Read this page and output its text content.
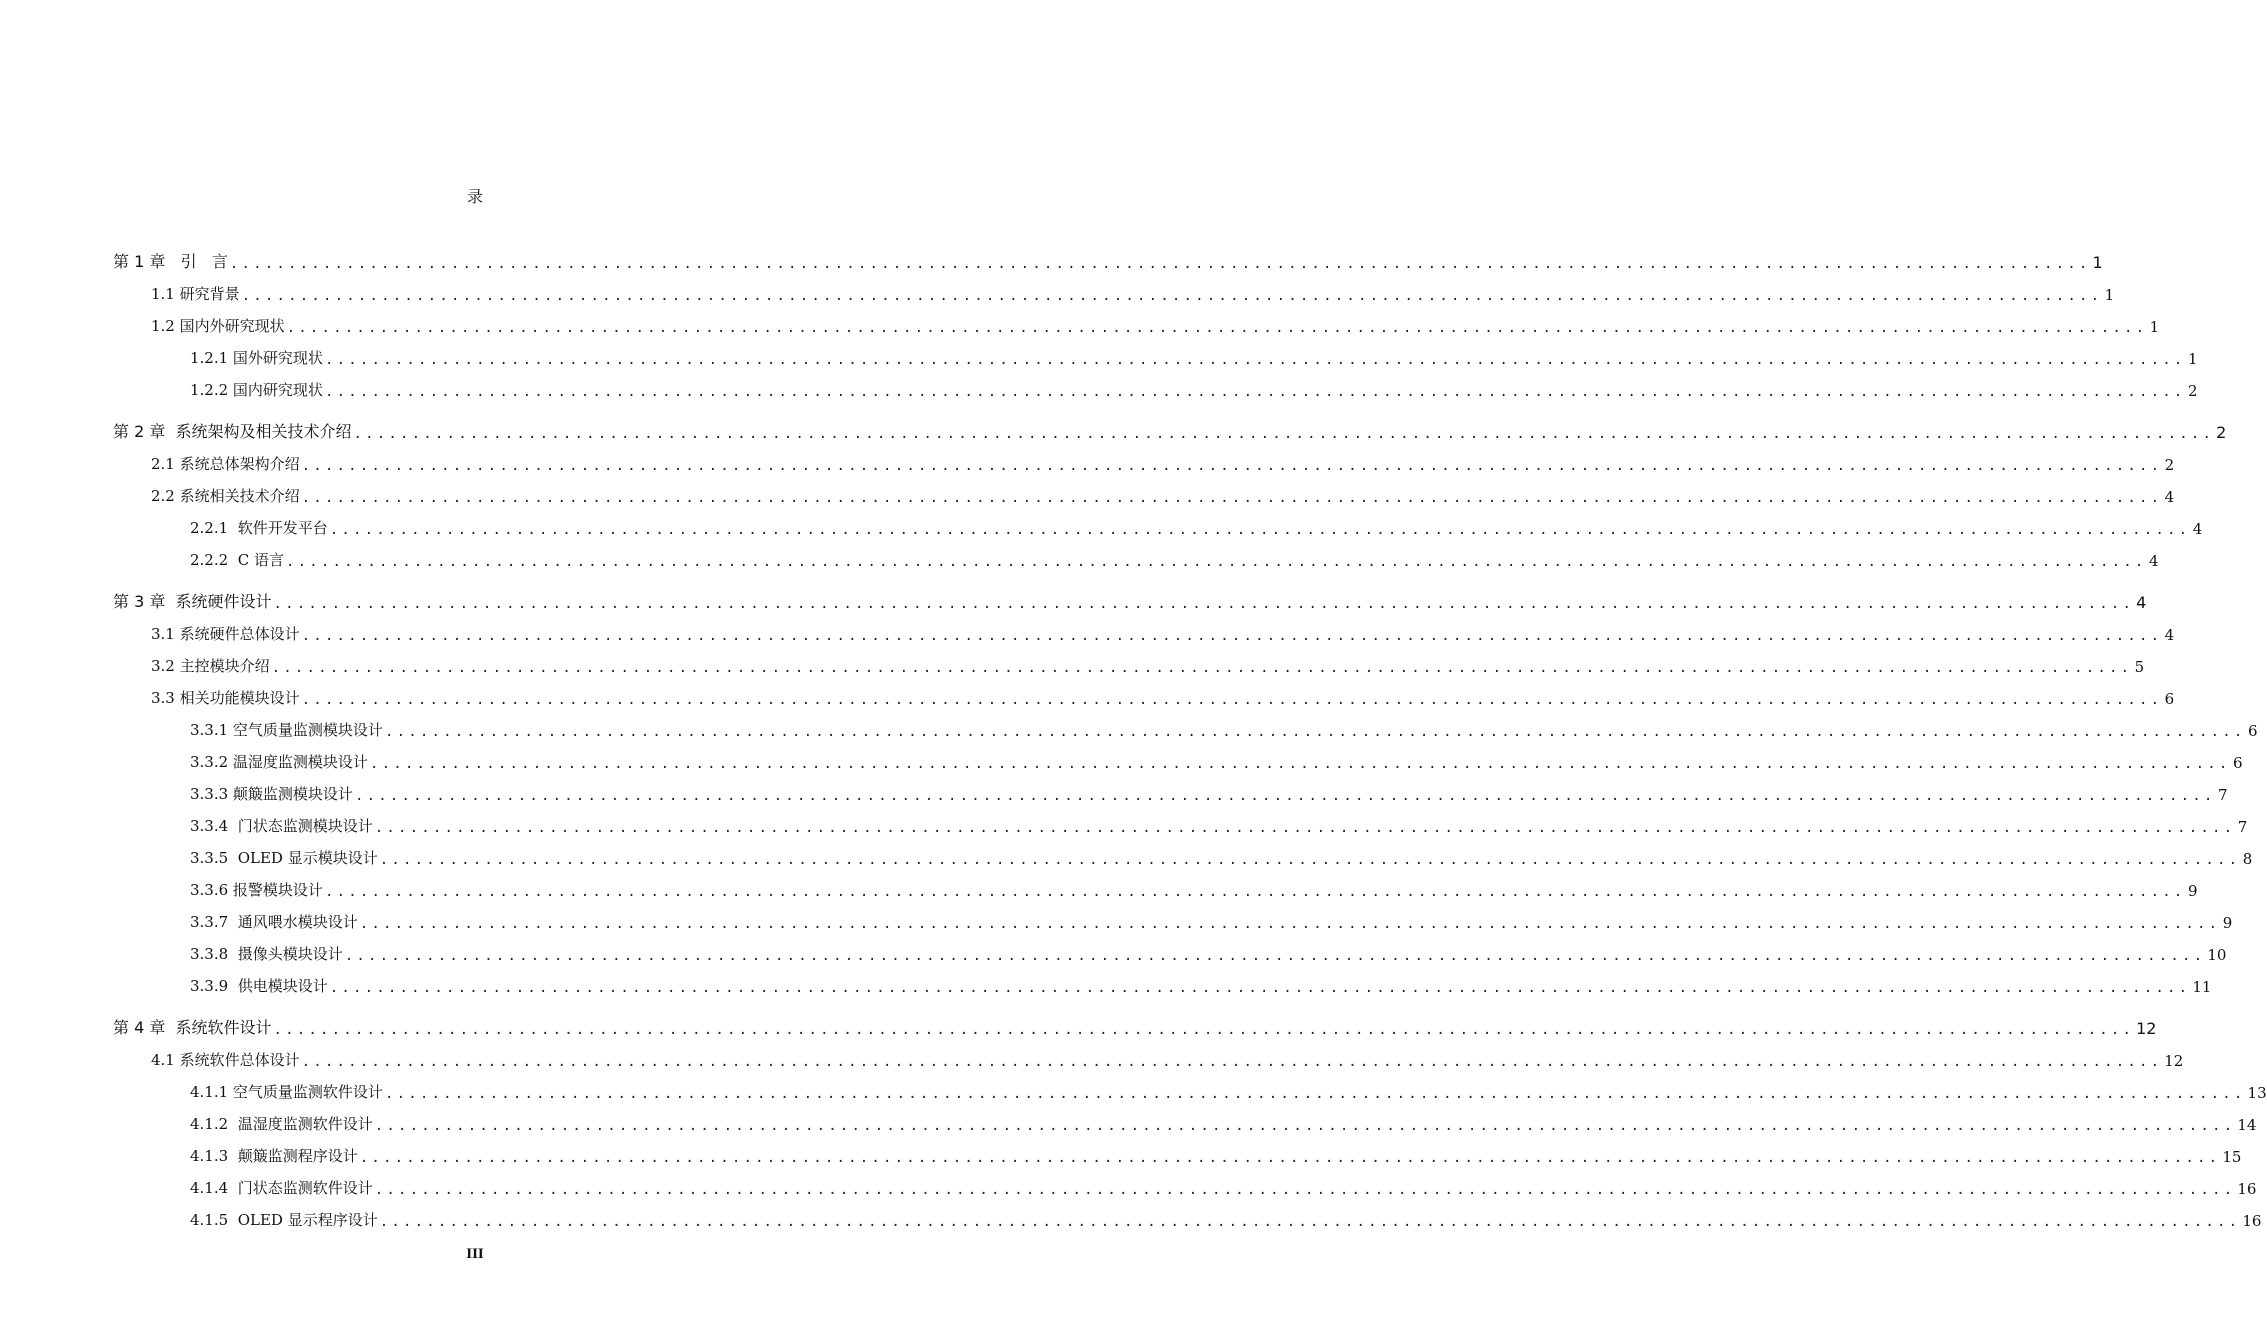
录
第 1 章   引   言 ................................................................................................................................................................ 1
1.1 研究背景 ................................................................................................................................................................ 1
1.2 国内外研究现状 ................................................................................................................................................................ 1
1.2.1 国外研究现状 ................................................................................................................................................................ 1
1.2.2 国内研究现状 ................................................................................................................................................................ 2
第 2 章  系统架构及相关技术介绍 ................................................................................................................................................................ 2
2.1 系统总体架构介绍 ................................................................................................................................................................ 2
2.2 系统相关技术介绍 ................................................................................................................................................................ 4
2.2.1  软件开发平台 ................................................................................................................................................................ 4
2.2.2  C 语言 ................................................................................................................................................................ 4
第 3 章  系统硬件设计 ................................................................................................................................................................ 4
3.1 系统硬件总体设计 ................................................................................................................................................................ 4
3.2 主控模块介绍 ................................................................................................................................................................ 5
3.3 相关功能模块设计 ................................................................................................................................................................ 6
3.3.1 空气质量监测模块设计 ................................................................................................................................................................ 6
3.3.2 温湿度监测模块设计 ................................................................................................................................................................ 6
3.3.3 颠簸监测模块设计 ................................................................................................................................................................ 7
3.3.4  门状态监测模块设计 ................................................................................................................................................................ 7
3.3.5  OLED 显示模块设计 ................................................................................................................................................................ 8
3.3.6 报警模块设计 ................................................................................................................................................................ 9
3.3.7  通风喂水模块设计 ................................................................................................................................................................ 9
3.3.8  摄像头模块设计 ................................................................................................................................................................ 10
3.3.9  供电模块设计 ................................................................................................................................................................ 11
第 4 章  系统软件设计 ................................................................................................................................................................ 12
4.1 系统软件总体设计 ................................................................................................................................................................ 12
4.1.1 空气质量监测软件设计 ................................................................................................................................................................ 13
4.1.2  温湿度监测软件设计 ................................................................................................................................................................ 14
4.1.3  颠簸监测程序设计 ................................................................................................................................................................ 15
4.1.4  门状态监测软件设计 ................................................................................................................................................................ 16
4.1.5  OLED 显示程序设计 ................................................................................................................................................................ 16
III
